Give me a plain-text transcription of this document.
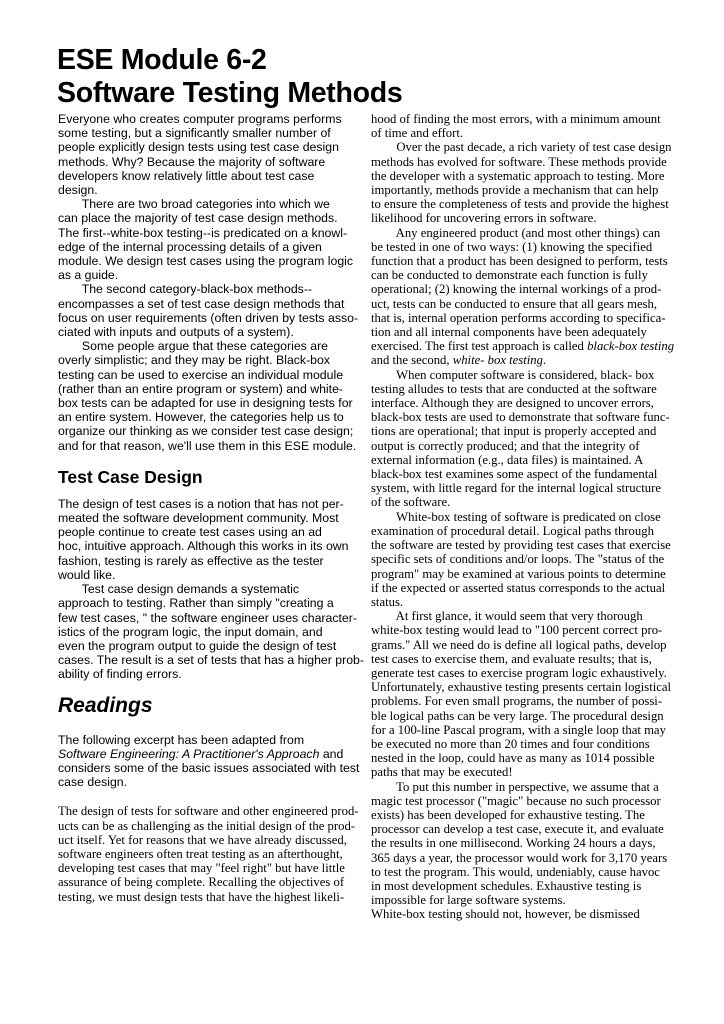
ESE Module 6-2
Software Testing Methods
Everyone who creates computer programs performs
some testing, but a significantly smaller number of
people explicitly design tests using test case design
methods. Why? Because the majority of software
developers know relatively little about test case
design.
There are two broad categories into which we
can place the majority of test case design methods.
The first--white-box testing--is predicated on a knowl-
edge of the internal processing details of a given
module. We design test cases using the program logic
as a guide.
The second category-black-box methods--
encompasses a set of test case design methods that
focus on user requirements (often driven by tests asso-
ciated with inputs and outputs of a system).
Some people argue that these categories are
overly simplistic; and they may be right. Black-box
testing can be used to exercise an individual module
(rather than an entire program or system) and white-
box tests can be adapted for use in designing tests for
an entire system. However, the categories help us to
organize our thinking as we consider test case design;
and for that reason, we'll use them in this ESE module.
Test Case Design
The design of test cases is a notion that has not per-
meated the software development community. Most
people continue to create test cases using an ad
hoc, intuitive approach. Although this works in its own
fashion, testing is rarely as effective as the tester
would like.
Test case design demands a systematic
approach to testing. Rather than simply "creating a
few test cases, " the software engineer uses character-
istics of the program logic, the input domain, and
even the program output to guide the design of test
cases. The result is a set of tests that has a higher prob-
ability of finding errors.
Readings
The following excerpt has been adapted from
Software Engineering: A Practitioner's Approach and
considers some of the basic issues associated with test
case design.
The design of tests for software and other engineered prod-
ucts can be as challenging as the initial design of the prod-
uct itself. Yet for reasons that we have already discussed,
software engineers often treat testing as an afterthought,
developing test cases that may "feel right" but have little
assurance of being complete. Recalling the objectives of
testing, we must design tests that have the highest likeli-
hood of finding the most errors, with a minimum amount
of time and effort.
Over the past decade, a rich variety of test case design
methods has evolved for software. These methods provide
the developer with a systematic approach to testing. More
importantly, methods provide a mechanism that can help
to ensure the completeness of tests and provide the highest
likelihood for uncovering errors in software.
Any engineered product (and most other things) can
be tested in one of two ways: (1) knowing the specified
function that a product has been designed to perform, tests
can be conducted to demonstrate each function is fully
operational; (2) knowing the internal workings of a prod-
uct, tests can be conducted to ensure that all gears mesh,
that is, internal operation performs according to specifica-
tion and all internal components have been adequately
exercised. The first test approach is called black-box testing
and the second, white- box testing.
When computer software is considered, black- box
testing alludes to tests that are conducted at the software
interface. Although they are designed to uncover errors,
black-box tests are used to demonstrate that software func-
tions are operational; that input is properly accepted and
output is correctly produced; and that the integrity of
external information (e.g., data files) is maintained. A
black-box test examines some aspect of the fundamental
system, with little regard for the internal logical structure
of the software.
White-box testing of software is predicated on close
examination of procedural detail. Logical paths through
the software are tested by providing test cases that exercise
specific sets of conditions and/or loops. The "status of the
program" may be examined at various points to determine
if the expected or asserted status corresponds to the actual
status.
At first glance, it would seem that very thorough
white-box testing would lead to "100 percent correct pro-
grams." All we need do is define all logical paths, develop
test cases to exercise them, and evaluate results; that is,
generate test cases to exercise program logic exhaustively.
Unfortunately, exhaustive testing presents certain logistical
problems. For even small programs, the number of possi-
ble logical paths can be very large. The procedural design
for a 100-line Pascal program, with a single loop that may
be executed no more than 20 times and four conditions
nested in the loop, could have as many as 1014 possible
paths that may be executed!
To put this number in perspective, we assume that a
magic test processor ("magic" because no such processor
exists) has been developed for exhaustive testing. The
processor can develop a test case, execute it, and evaluate
the results in one millisecond. Working 24 hours a days,
365 days a year, the processor would work for 3,170 years
to test the program. This would, undeniably, cause havoc
in most development schedules. Exhaustive testing is
impossible for large software systems.
White-box testing should not, however, be dismissed
